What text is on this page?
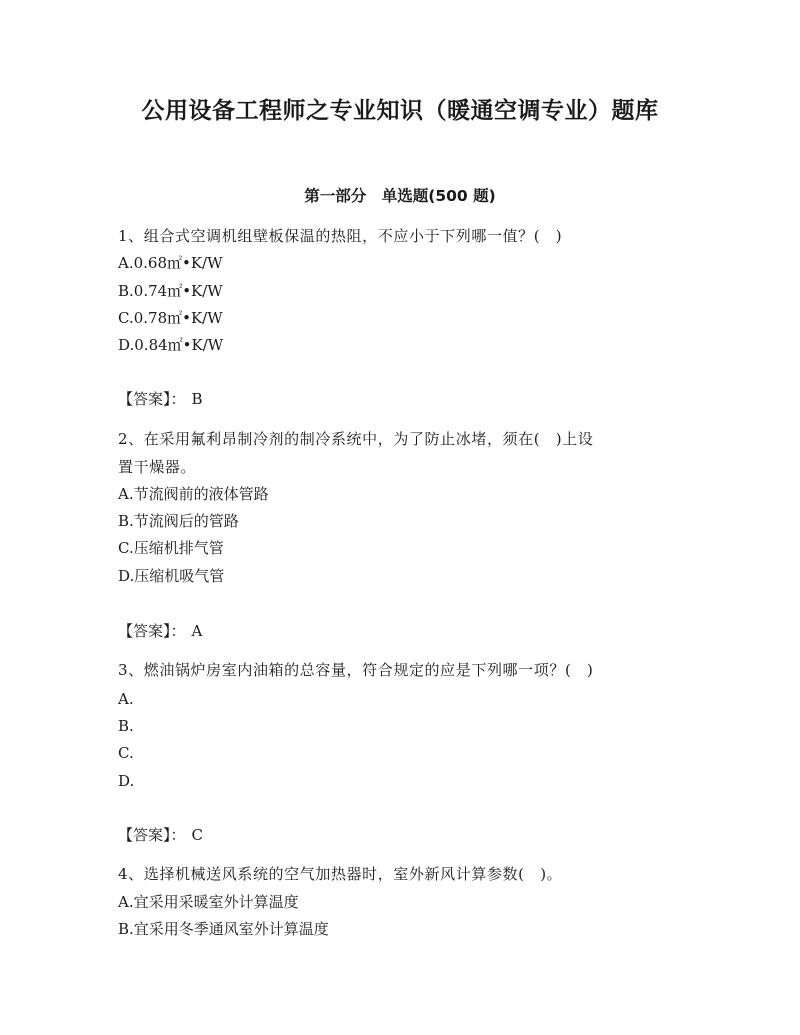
公用设备工程师之专业知识（暖通空调专业）题库
第一部分　单选题(500 题)

1、组合式空调机组壁板保温的热阻，不应小于下列哪一值？(　)

A.0.68㎡•K/W

B.0.74㎡•K/W

C.0.78㎡•K/W

D.0.84㎡•K/W

【答案】： B

2、在采用氟利昂制冷剂的制冷系统中，为了防止冰堵，须在(　)上设

置干燥器。

A.节流阀前的液体管路

B.节流阀后的管路

C.压缩机排气管

D.压缩机吸气管

【答案】： A

3、燃油锅炉房室内油箱的总容量，符合规定的应是下列哪一项？(　)

A.

B.

C.

D.

【答案】： C

4、选择机械送风系统的空气加热器时，室外新风计算参数(　)。

A.宜采用采暖室外计算温度

B.宜采用冬季通风室外计算温度
